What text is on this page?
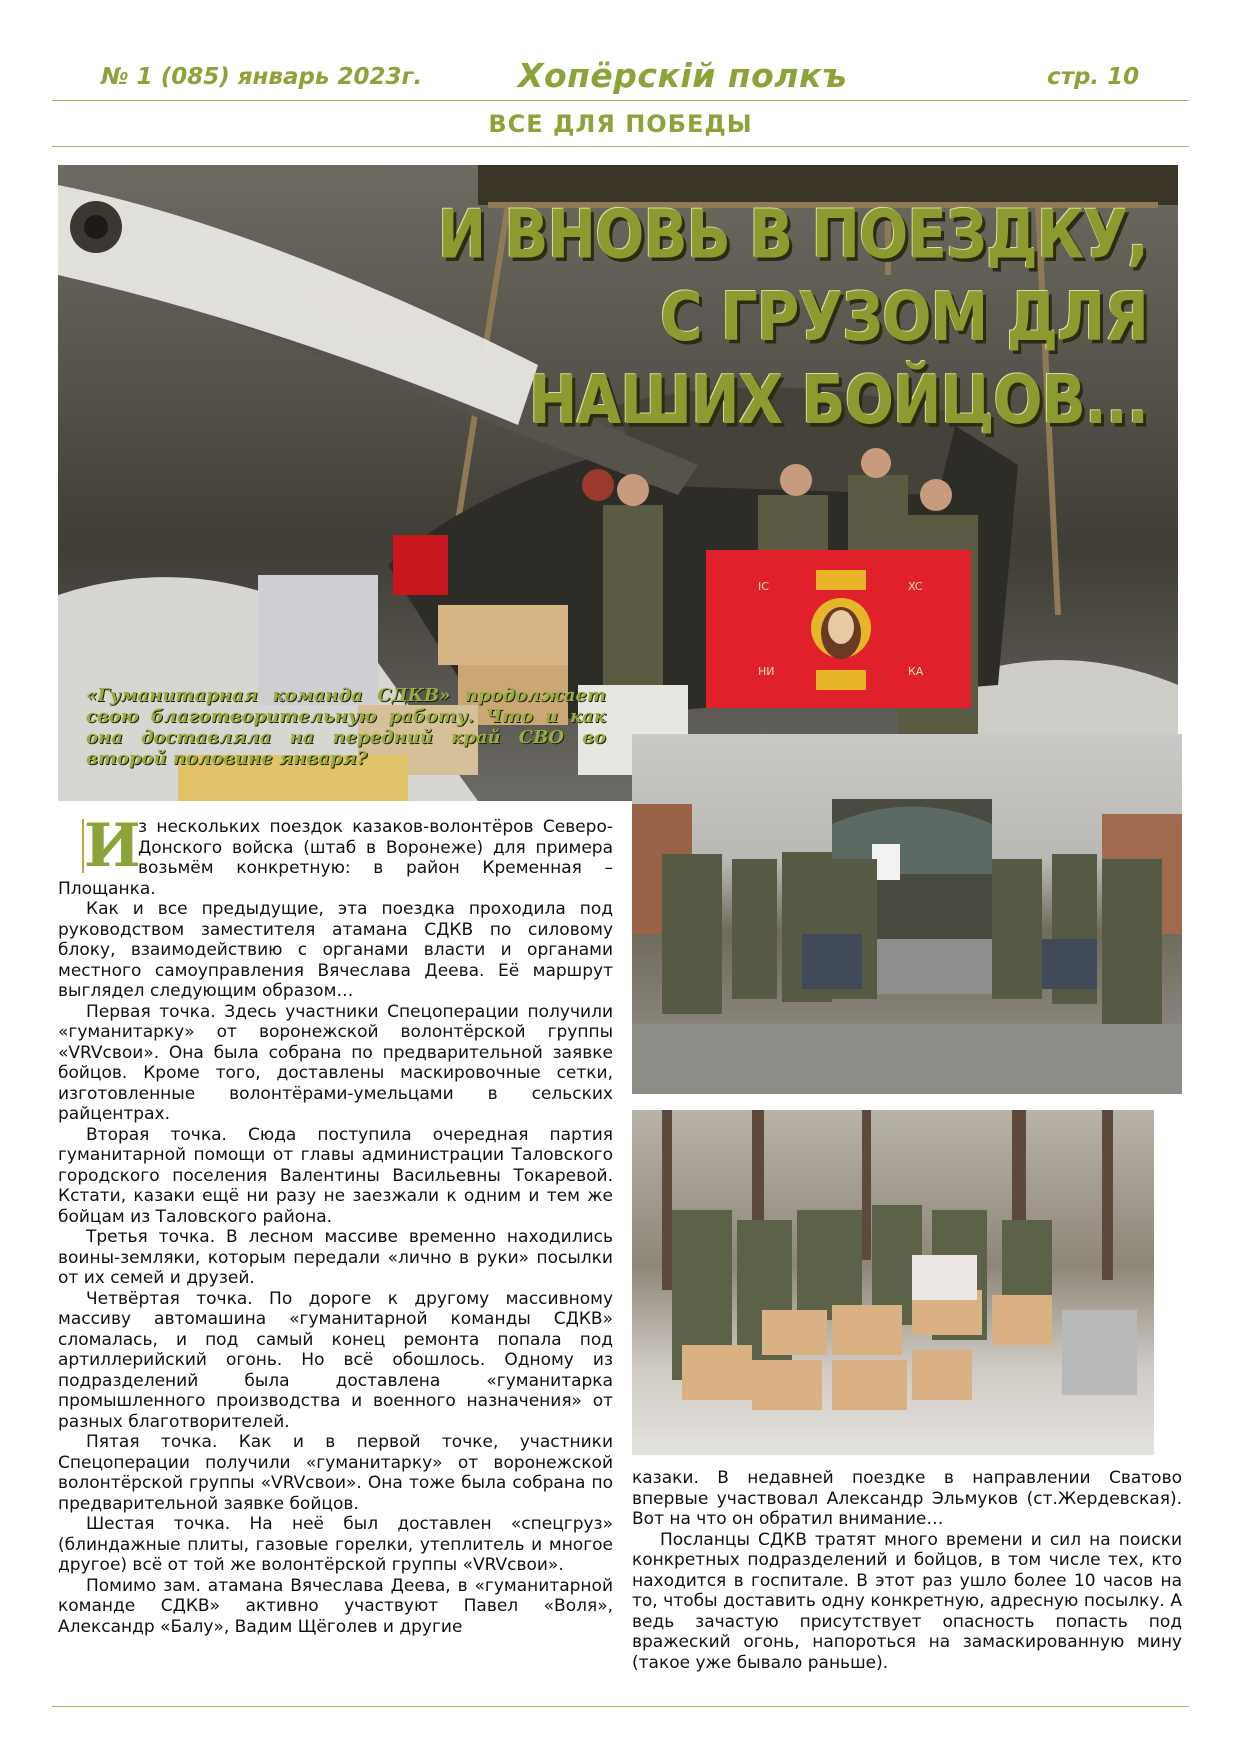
№ 1 (085) январь 2023г.	Хопёрскiй полкъ	стр. 10
ВСЕ ДЛЯ ПОБЕДЫ
IC	XC
НИ	КА
И ВНОВЬ В ПОЕЗДКУ,
С ГРУЗОМ ДЛЯ НАШИХ БОЙЦОВ...
«Гуманитарная команда СДКВ» продолжает свою благотворительную работу. Что и как она доставляла на передний край СВО во второй половине января?
И

з нескольких поездок казаков-волонтёров Северо-Донского войска (штаб в Воронеже) для примера возьмём конкретную: в район Кременная – Площанка.

Как и все предыдущие, эта поездка проходила под руководством заместителя атамана СДКВ по силовому блоку, взаимодействию с органами власти и органами местного самоуправления Вячеслава Деева. Её маршрут выглядел следующим образом…

Первая точка. Здесь участники Спецоперации получили «гуманитарку» от воронежской волонтёрской группы «VRVсвои». Она была собрана по предварительной заявке бойцов. Кроме того, доставлены маскировочные сетки, изготовленные волонтёрами-умельцами в сельских райцентрах.

Вторая точка. Сюда поступила очередная партия гуманитарной помощи от главы администрации Таловского городского поселения Валентины Васильевны Токаревой. Кстати, казаки ещё ни разу не заезжали к одним и тем же бойцам из Таловского района.

Третья точка. В лесном массиве временно находились воины-земляки, которым передали «лично в руки» посылки от их семей и друзей.

Четвёртая точка. По дороге к другому массивному массиву автомашина «гуманитарной команды СДКВ» сломалась, и под самый конец ремонта попала под артиллерийский огонь. Но всё обошлось. Одному из подразделений была доставлена «гуманитарка промышленного производства и военного назначения» от разных благотворителей.

Пятая точка. Как и в первой точке, участники Спецоперации получили «гуманитарку» от воронежской волонтёрской группы «VRVсвои». Она тоже была собрана по предварительной заявке бойцов.

Шестая точка. На неё был доставлен «спецгруз» (блиндажные плиты, газовые горелки, утеплитель и многое другое) всё от той же волонтёрской группы «VRVсвои».

Помимо зам. атамана Вячеслава Деева, в «гуманитарной команде СДКВ» активно участвуют Павел «Воля», Александр «Балу», Вадим Щёголев и другие

казаки. В недавней поездке в направлении Сватово впервые участвовал Александр Эльмуков (ст.Жердевская). Вот на что он обратил внимание…

Посланцы СДКВ тратят много времени и сил на поиски конкретных подразделений и бойцов, в том числе тех, кто находится в госпитале. В этот раз ушло более 10 часов на то, чтобы доставить одну конкретную, адресную посылку. А ведь зачастую присутствует опасность попасть под вражеский огонь, напороться на замаскированную мину (такое уже бывало раньше).
